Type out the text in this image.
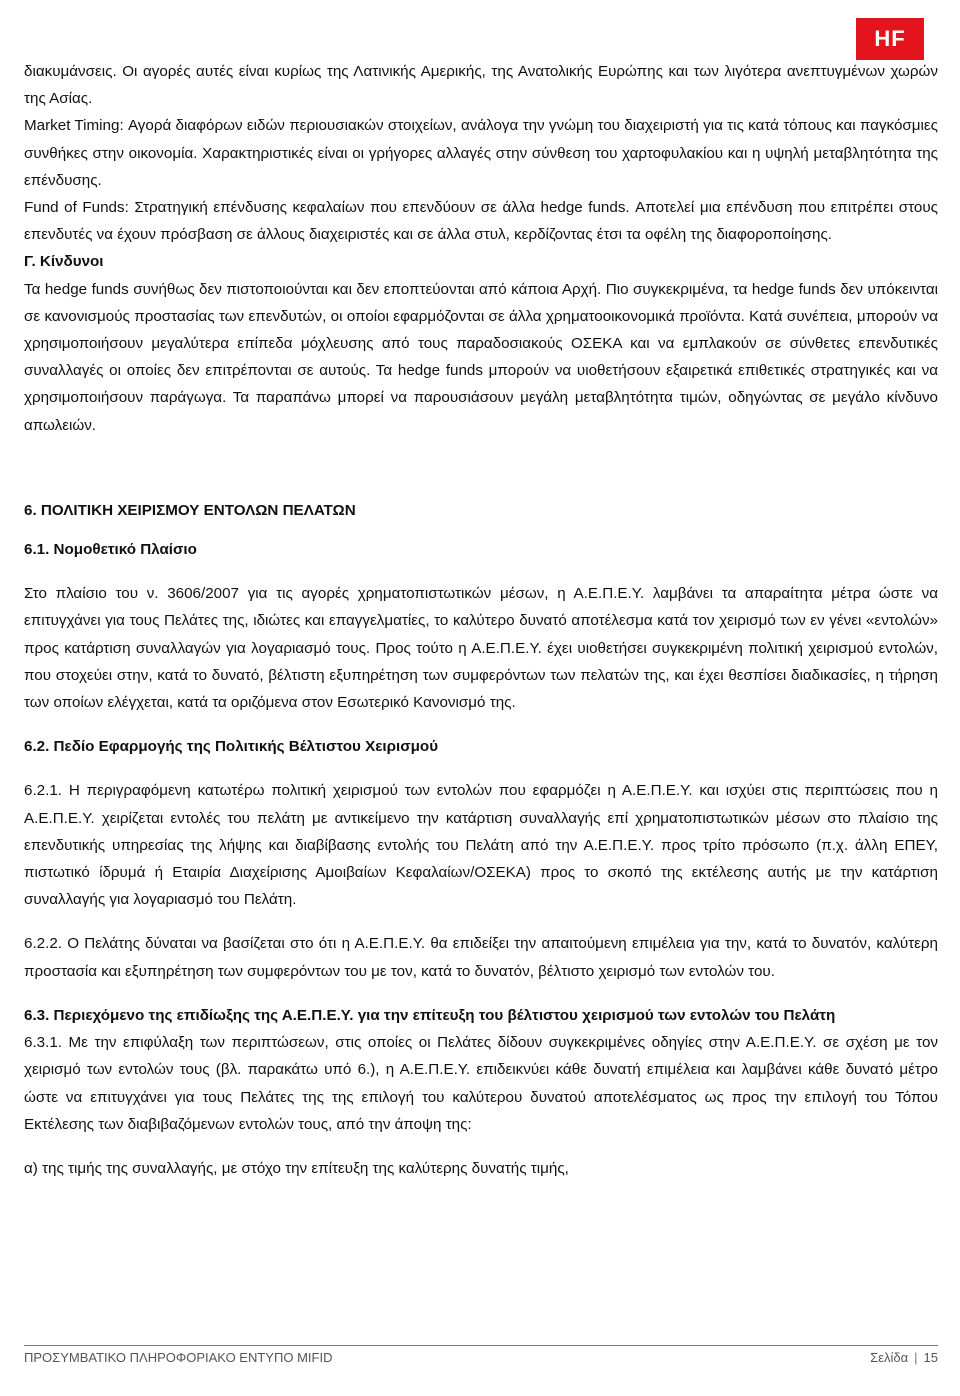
HF

διακυμάνσεις. Οι αγορές αυτές είναι κυρίως της Λατινικής Αμερικής, της Ανατολικής Ευρώπης και των λιγότερα ανεπτυγμένων χωρών της Ασίας.

Market Timing: Αγορά διαφόρων ειδών περιουσιακών στοιχείων, ανάλογα την γνώμη του διαχειριστή για τις κατά τόπους και παγκόσμιες συνθήκες στην οικονομία. Χαρακτηριστικές είναι οι γρήγορες αλλαγές στην σύνθεση του χαρτοφυλακίου και η υψηλή μεταβλητότητα της επένδυσης.

Fund of Funds: Στρατηγική επένδυσης κεφαλαίων που επενδύουν σε άλλα hedge funds. Αποτελεί μια επένδυση που επιτρέπει στους επενδυτές να έχουν πρόσβαση σε άλλους διαχειριστές και σε άλλα στυλ, κερδίζοντας έτσι τα οφέλη της διαφοροποίησης.

Γ. Κίνδυνοι

Τα hedge funds συνήθως δεν πιστοποιούνται και δεν εποπτεύονται από κάποια Αρχή. Πιο συγκεκριμένα, τα hedge funds δεν υπόκεινται σε κανονισμούς προστασίας των επενδυτών, οι οποίοι εφαρμόζονται σε άλλα χρηματοοικονομικά προϊόντα. Κατά συνέπεια, μπορούν να χρησιμοποιήσουν μεγαλύτερα επίπεδα μόχλευσης από τους παραδοσιακούς ΟΣΕΚΑ και να εμπλακούν σε σύνθετες επενδυτικές συναλλαγές οι οποίες δεν επιτρέπονται σε αυτούς. Τα hedge funds μπορούν να υιοθετήσουν εξαιρετικά επιθετικές στρατηγικές και να χρησιμοποιήσουν παράγωγα. Τα παραπάνω μπορεί να παρουσιάσουν μεγάλη μεταβλητότητα τιμών, οδηγώντας σε μεγάλο κίνδυνο απωλειών.

6. ΠΟΛΙΤΙΚΗ ΧΕΙΡΙΣΜΟΥ ΕΝΤΟΛΩΝ ΠΕΛΑΤΩΝ

6.1. Νομοθετικό Πλαίσιο

Στο πλαίσιο του ν. 3606/2007 για τις αγορές χρηματοπιστωτικών μέσων, η Α.Ε.Π.Ε.Υ. λαμβάνει τα απαραίτητα μέτρα ώστε να επιτυγχάνει για τους Πελάτες της, ιδιώτες και επαγγελματίες, το καλύτερο δυνατό αποτέλεσμα κατά τον χειρισμό των εν γένει «εντολών» προς κατάρτιση συναλλαγών για λογαριασμό τους. Προς τούτο η Α.Ε.Π.Ε.Υ. έχει υιοθετήσει συγκεκριμένη πολιτική χειρισμού εντολών, που στοχεύει στην, κατά το δυνατό, βέλτιστη εξυπηρέτηση των συμφερόντων των πελατών της, και έχει θεσπίσει διαδικασίες, η τήρηση των οποίων ελέγχεται, κατά τα οριζόμενα στον Εσωτερικό Κανονισμό της.

6.2. Πεδίο Εφαρμογής της Πολιτικής Βέλτιστου Χειρισμού

6.2.1. Η περιγραφόμενη κατωτέρω πολιτική χειρισμού των εντολών που εφαρμόζει η Α.Ε.Π.Ε.Υ. και ισχύει στις περιπτώσεις που η Α.Ε.Π.Ε.Υ. χειρίζεται εντολές του πελάτη με αντικείμενο την κατάρτιση συναλλαγής επί χρηματοπιστωτικών μέσων στο πλαίσιο της επενδυτικής υπηρεσίας της λήψης και διαβίβασης εντολής του Πελάτη από την Α.Ε.Π.Ε.Υ. προς τρίτο πρόσωπο (π.χ. άλλη ΕΠΕΥ, πιστωτικό ίδρυμά ή Εταιρία Διαχείρισης Αμοιβαίων Κεφαλαίων/ΟΣΕΚΑ) προς το σκοπό της εκτέλεσης αυτής με την κατάρτιση συναλλαγής για λογαριασμό του Πελάτη.

6.2.2. Ο Πελάτης δύναται να βασίζεται στο ότι η Α.Ε.Π.Ε.Υ. θα επιδείξει την απαιτούμενη επιμέλεια για την, κατά το δυνατόν, καλύτερη προστασία και εξυπηρέτηση των συμφερόντων του με τον, κατά το δυνατόν, βέλτιστο χειρισμό των εντολών του.

6.3. Περιεχόμενο της επιδίωξης της Α.Ε.Π.Ε.Υ. για την επίτευξη του βέλτιστου χειρισμού των εντολών του Πελάτη

6.3.1. Με την επιφύλαξη των περιπτώσεων, στις οποίες οι Πελάτες δίδουν συγκεκριμένες οδηγίες στην Α.Ε.Π.Ε.Υ. σε σχέση με τον χειρισμό των εντολών τους (βλ. παρακάτω υπό 6.), η Α.Ε.Π.Ε.Υ. επιδεικνύει κάθε δυνατή επιμέλεια και λαμβάνει κάθε δυνατό μέτρο ώστε να επιτυγχάνει για τους Πελάτες της της επιλογή του καλύτερου δυνατού αποτελέσματος ως προς την επιλογή του Τόπου Εκτέλεσης των διαβιβαζόμενων εντολών τους, από την άποψη της:

α) της τιμής της συναλλαγής, με στόχο την επίτευξη της καλύτερης δυνατής τιμής,

ΠΡΟΣΥΜΒΑΤΙΚΟ ΠΛΗΡΟΦΟΡΙΑΚΟ ΕΝΤΥΠΟ MIFID	Σελίδα | 15
